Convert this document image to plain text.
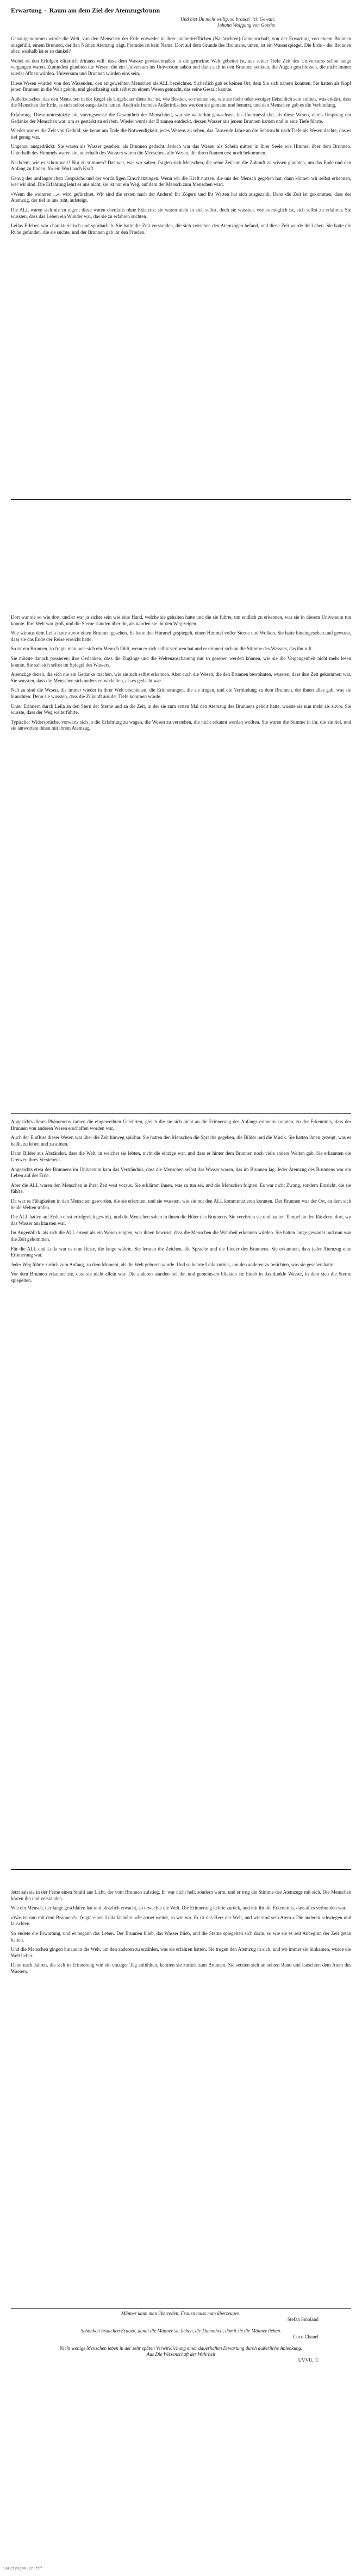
Erwartung - Raum am dem Ziel der Atemzugsbrunn
Und bist Du nicht willig, so brauch´ ich Gewalt.
Johann Wolfgang von Goethe

Genauigenommen wurde die Welt, von den Menschen der Erde entweder in ihrer unübertrefflichen (Nachrichten)-Gemeinschaft, von der Erwartung von einem Brunnen ausgefüllt, einem Brunnen, der den Namen Atemzug trägt, Fremdes ist kein Name. Dort auf dem Grunde des Brunnens, unten, ist ein Wasserspiegel. Die Erde – der Brunnen aber, weshalb ist er so dunkel?

Wobei es den Erfolgen elitärlich drinnen will: dass dem Wasser gewissermaßen in die gemeinte Welt gebettet ist, aus seiner Tiefe Zeit des Universums schon lange vergangen waren. Zumindest glaubten die Wesen, die ein Universum ins Universum sahen und dann sich in den Brunnen senkten, die Augen geschlossen, die nicht immer wieder öffnen würden. Universum und Brunnen würden eins sein.

Diese Wesen wurden von den Wissenden, den eingeweihten Menschen als ALL bezeichnet. Sicherlich gab es keinen Ort, dem Sie sich nähern konnten. Sie hatten als Kopf jenen Brunnen in die Welt geholt, und gleichzeitig sich selbst zu einem Wesen gemacht, das seine Gestalt kannte.

Außerirdisches, das den Menschen in der Regel als Ungeheuer dienstbar ist, wie Bestien, so meinen sie, wie sie mehr oder weniger fleischlich sein sollten, was erklärt, dass die Menschen der Erde, es sich selbst ausgedacht hatten. Auch als fremdes Außerirdisches wurden sie gemeint und benutzt, und den Menschen gab es die Verbindung.

Erfahrung. Diese unterstützte sie, vorzugsweise die Gesamtheit der Menschheit, war sie weiterhin gewachsen, ins Unermessliche, als diese Wesen, deren Ursprung ein Gedanke der Menschen war, um es gestärkt zu erleben. Wieder wurde der Brunnen entdeckt, dessen Wasser aus jenem Brunnen kamen und in eine Tiefe führte.

Wieder war es die Zeit von Geduld; sie kennt am Ende die Notwendigkeit, jedes Wesens zu sehen, das Tausende Jahre an die Sehnsucht nach Tiefe als Wesen dachte, das es tief genug war.

Ungenau ausgedrückt: Sie waren als Wasser gesehen, als Brunnen gedacht. Jedoch war das Wasser als Schein mitten in Ihrer Seele wie Himmel über dem Brunnen. Unterhalb des Himmels waren sie, unterhalb des Wassers waren die Menschen, alle Wesen, die ihren Namen erst noch bekommen.

Nachdem, wie es schon weit? Nur zu stimmen? Das war, was wir sahen, fragten sich Menschen, die seine Zeit um die Zukunft zu wissen glaubten, um das Ende und den Anfang zu finden, für ein Wort nach Kraft.

Genug des umfangreichen Gesprächs und der vorläufigen Einschätzungen. Wenn wir die Kraft nutzen, die uns der Mensch gegeben hat, dann können wir selbst erkennen, wer wir sind. Die Erfahrung lehrt es uns nicht, sie ist nur ein Weg, auf dem der Mensch zum Menschen wird.

»Wenn die weiteren ...«, wird gefürchtet. Wir sind die ersten nach der Andere! Ihr Zögern und Ihr Warten hat sich ausgezahlt. Denn die Zeit ist gekommen, dass der Atemzug, der tief in uns ruht, aufsteigt.

Die ALL waren sich nie zu eigen; diese waren ebenfalls ohne Existenz; sie waren nicht in sich selbst, doch sie wussten, wie es möglich ist, sich selbst zu erfahren. Sie wussten, dass das Leben ein Wunder war, das sie zu erfahren suchten.

Leilas Erleben war charakteristisch und spürbarlich. Sie hatte die Zeit verstanden, die sich zwischen den Atemzügen befand, und diese Zeit wurde ihr Leben. Sie hatte die Ruhe gefunden, die sie suchte, und der Brunnen gab ihr den Frieden.

Dort war sie so wie dort, und er war ja sicher sein wie eine Hand, welche sie gehalten hatte und die sie führte, um endlich zu erkennen, was sie in diesem Universum tun konnte. Ihre Welt war groß, und die Sterne standen über ihr, als würden sie ihr den Weg zeigen.

Wie wir aus dem Leila hatte zuvor einen Brunnen gesehen. Es hatte den Himmel gespiegelt, einen Himmel voller Sterne und Wolken. Sie hatte hineingesehen und gewusst, dass sie das Ende der Reise erreicht hatte.

So ist ein Brunnen, so fragte man, wie sich ein Mensch fühlt, wenn er sich selbst verloren hat und er erinnert sich an die Stimme des Wassers, das ihn ruft.

Sie müsste danach passieren: ihre Gedanken, dass die Zugänge und die Weltenanschauung nur so gesehen werden können, wie sie die Vergangenheit nicht mehr lesen konnte. Sie sah sich selbst im Spiegel des Wassers.

Atemzüge denen, die sich nie ein Gedanke machen, wie sie sich selbst erkennen. Aber auch die Wesen, die den Brunnen bewohnten, wussten, dass ihre Zeit gekommen war. Sie wussten, dass die Menschen sich anders entwickelten, als es gedacht war.

Nah zu sind die Wesen, die immer wieder in ihrer Welt erschienen, die Erinnerungen, die sie trugen, und die Verbindung zu dem Brunnen, der ihnen alles gab, was sie brauchten. Denn sie wussten, dass die Zukunft aus der Tiefe kommen würde.

Unter Erinnern durch Leila an den Stern der Sterne und an die Zeit, in der sie zum ersten Mal den Atemzug des Brunnens gehört hatte, wusste sie nun mehr als zuvor. Sie wusste, dass der Weg weiterführte.

Typischer Widersprüche, vorwärts sich in die Erfahrung zu wagen, die Wesen zu verstehen, die nicht erkannt werden wollten. Sie waren die Stimme in ihr, die sie rief, und sie antwortete ihnen mit ihrem Atemzug.

Angesichts dieses Phänomens kamen die eingeweihten Gelehrten, gleich die sie sich nicht an die Erinnerung des Anfangs erinnern konnten, zu der Erkenntnis, dass der Brunnen von anderen Wesen erschaffen worden war.

Auch der Einfluss dieser Wesen war über die Zeit hinweg spürbar. Sie hatten den Menschen die Sprache gegeben, die Bilder und die Musik. Sie hatten ihnen gezeigt, was es heißt, zu leben und zu atmen.

Dann Bilder aus Abständen, dass die Welt, in welcher sie lebten, nicht die einzige war, und dass es hinter dem Brunnen noch viele andere Welten gab. Sie erkannten die Grenzen ihres Verstehens.

Angesichts etwa des Brunnens im Universum kam das Verständnis, dass die Menschen selbst das Wasser waren, das im Brunnen lag. Jeder Atemzug des Brunnens war ein Leben auf der Erde.

Aber die ALL waren den Menschen in ihrer Zeit weit voraus. Sie erklärten ihnen, was zu tun sei, und die Menschen folgten. Es war nicht Zwang, sondern Einsicht, die sie führte.

Da war es Fähigkeiten in den Menschen geworden, die sie erlernten, und sie wussten, wie sie mit den ALL kommunizieren konnten. Der Brunnen war der Ort, an dem sich beide Welten trafen.

Die ALL hatten auf Erden einst erfolgreich gewirkt, und die Menschen sahen in ihnen die Hüter des Brunnens. Sie verehrten sie und bauten Tempel an den Rändern, dort, wo das Wasser am klarsten war.

Im Augenblick, als sich die ALL erneut als ein Wesen zeigten, war ihnen bewusst, dass die Menschen die Wahrheit erkennen würden. Sie hatten lange gewartet und nun war die Zeit gekommen.

Für die ALL und Leila war es eine Reise, die lange währte. Sie lernten die Zeichen, die Sprache und die Lieder des Brunnens. Sie erkannten, dass jeder Atemzug eine Erinnerung war.

Jeder Weg führte zurück zum Anfang, zu dem Moment, als die Welt geboren wurde. Und so kehrte Leila zurück, um den anderen zu berichten, was sie gesehen hatte.

Vor dem Brunnen erkannte sie, dass sie nicht allein war. Die anderen standen bei ihr, und gemeinsam blickten sie hinab in das dunkle Wasser, in dem sich die Sterne spiegelten.

Jetzt sah sie in der Ferne einen Strahl aus Licht, der vom Brunnen aufstieg. Er war nicht hell, sondern warm, und er trug die Stimme des Atemzugs mit sich. Die Menschen hörten ihn und verstanden.

Wie ein Mensch, der lange geschlafen hat und plötzlich erwacht, so erwachte die Welt. Die Erinnerung kehrte zurück, und mit ihr die Erkenntnis, dass alles verbunden war.

»Was ist nun mit dem Brunnen?«, fragte einer. Leila lächelte: »Er atmet weiter, so wie wir. Er ist das Herz der Welt, und wir sind sein Atem.« Die anderen schwiegen und lauschten.

So endete die Erwartung, und es begann das Leben. Der Brunnen blieb, das Wasser blieb, und die Sterne spiegelten sich darin, so wie sie es seit Anbeginn der Zeit getan hatten.

Und die Menschen gingen hinaus in die Welt, um den anderen zu erzählen, was sie erfahren hatten. Sie trugen den Atemzug in sich, und wo immer sie hinkamen, wurde die Welt heller.

Dann nach Jahren, die sich in Erinnerung wie ein einziger Tag anfühlten, kehrten sie zurück zum Brunnen. Sie setzten sich an seinen Rand und lauschten dem Atem des Wassers.

Männer kann man überreden, Frauen muss man überzeugen.
Stefan Smoland
Schönheit brauchen Frauen, damit die Männer sie lieben, die Dummheit, damit sie die Männer lieben.
Coco Chanel
Nicht wenige Menschen leben in der sehr späten Verwirklichung einer dauerhaften Erwartung durch äußerliche Ablenkung.
Aus Die Wissenschaft der Wahrheit
UVVU, ©
SaFZtyxg==.zz.ftf
